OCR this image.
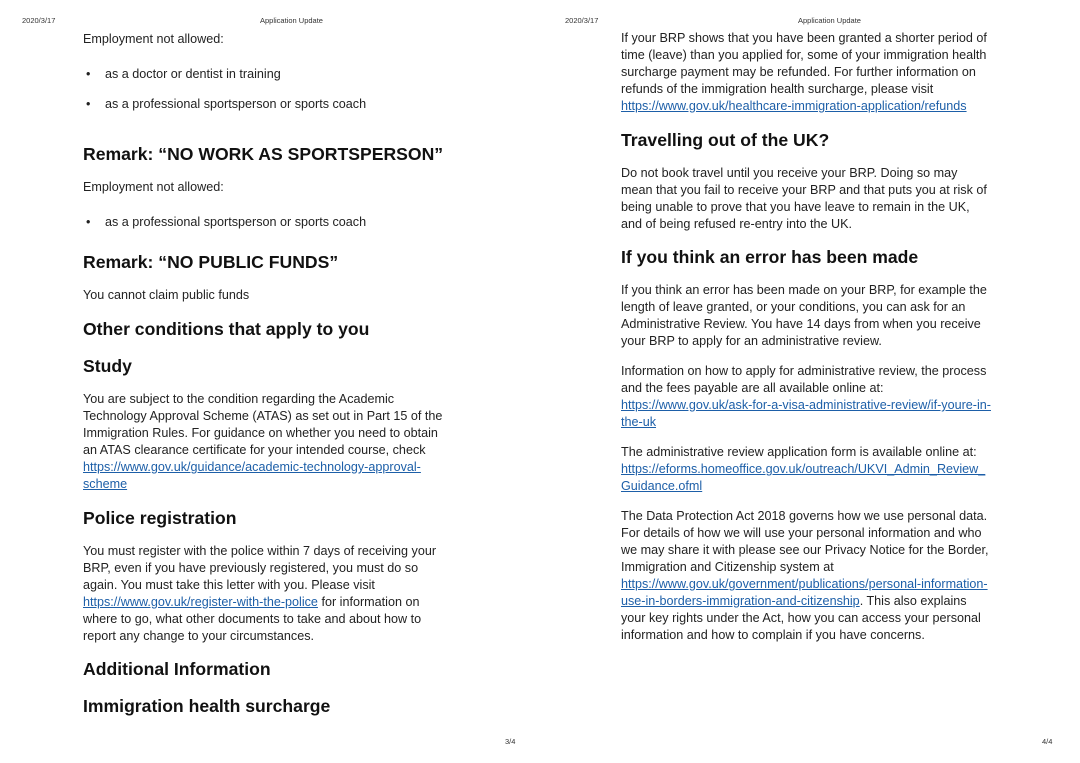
2020/3/17	Application Update
Employment not allowed:
• as a doctor or dentist in training
• as a professional sportsperson or sports coach
Remark: “NO WORK AS SPORTSPERSON”
Employment not allowed:
• as a professional sportsperson or sports coach
Remark: “NO PUBLIC FUNDS”
You cannot claim public funds
Other conditions that apply to you
Study
You are subject to the condition regarding the Academic
Technology Approval Scheme (ATAS) as set out in Part 15 of the
Immigration Rules. For guidance on whether you need to obtain
an ATAS clearance certificate for your intended course, check
https://www.gov.uk/guidance/academic-technology-approval-
scheme
Police registration
You must register with the police within 7 days of receiving your
BRP, even if you have previously registered, you must do so
again. You must take this letter with you. Please visit
https://www.gov.uk/register-with-the-police for information on
where to go, what other documents to take and about how to
report any change to your circumstances.
Additional Information
Immigration health surcharge
3/4
2020/3/17	Application Update
If your BRP shows that you have been granted a shorter period of
time (leave) than you applied for, some of your immigration health
surcharge payment may be refunded. For further information on
refunds of the immigration health surcharge, please visit
https://www.gov.uk/healthcare-immigration-application/refunds
Travelling out of the UK?
Do not book travel until you receive your BRP. Doing so may
mean that you fail to receive your BRP and that puts you at risk of
being unable to prove that you have leave to remain in the UK,
and of being refused re-entry into the UK.
If you think an error has been made
If you think an error has been made on your BRP, for example the
length of leave granted, or your conditions, you can ask for an
Administrative Review. You have 14 days from when you receive
your BRP to apply for an administrative review.
Information on how to apply for administrative review, the process
and the fees payable are all available online at:
https://www.gov.uk/ask-for-a-visa-administrative-review/if-youre-in-
the-uk
The administrative review application form is available online at:
https://eforms.homeoffice.gov.uk/outreach/UKVI_Admin_Review_
Guidance.ofml
The Data Protection Act 2018 governs how we use personal data.
For details of how we will use your personal information and who
we may share it with please see our Privacy Notice for the Border,
Immigration and Citizenship system at
https://www.gov.uk/government/publications/personal-information-
use-in-borders-immigration-and-citizenship. This also explains
your key rights under the Act, how you can access your personal
information and how to complain if you have concerns.
4/4
